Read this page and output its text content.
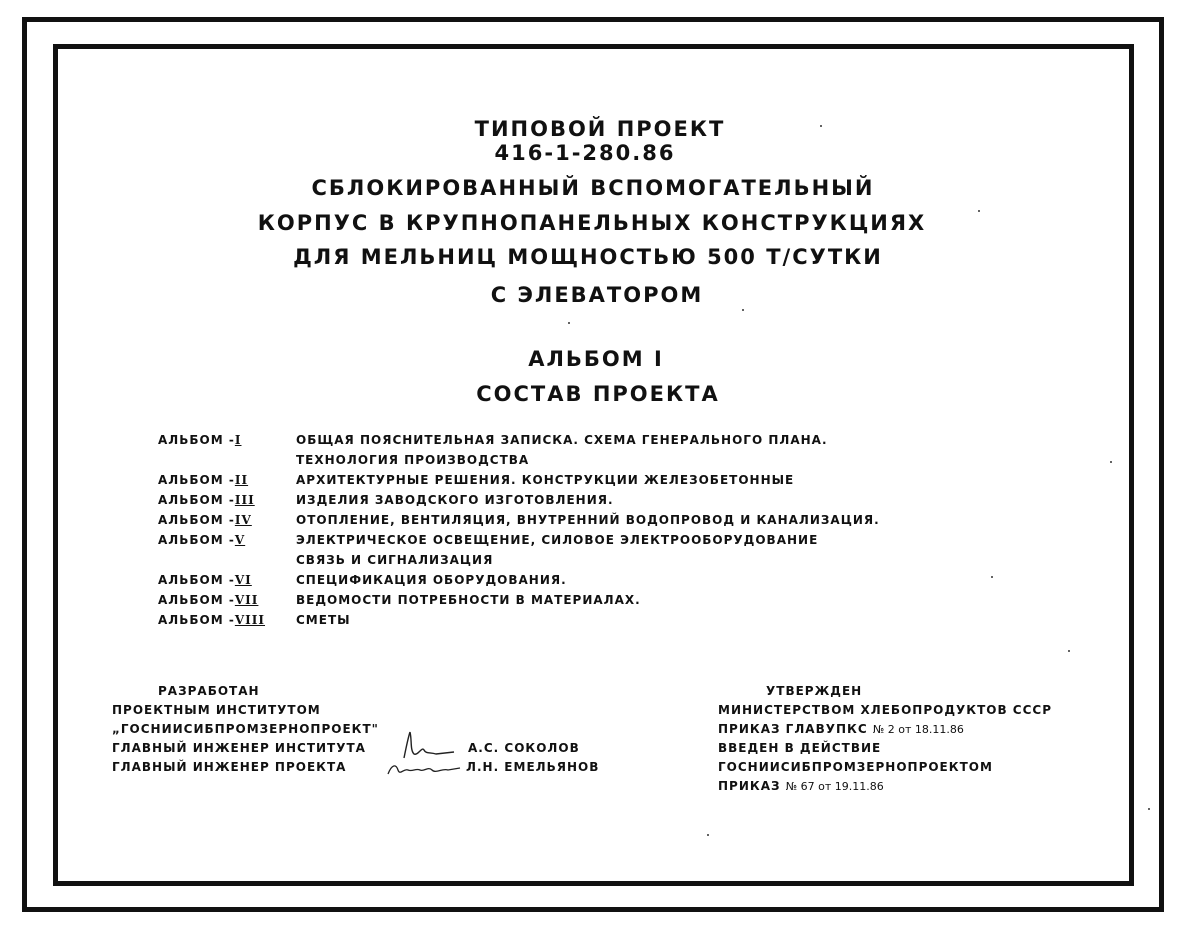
ТИПОВОЙ ПРОЕКТ
416-1-280.86
СБЛОКИРОВАННЫЙ ВСПОМОГАТЕЛЬНЫЙ
КОРПУС В КРУПНОПАНЕЛЬНЫХ КОНСТРУКЦИЯХ
ДЛЯ МЕЛЬНИЦ МОЩНОСТЬЮ 500 Т/СУТКИ
С ЭЛЕВАТОРОМ
АЛЬБОМ I
СОСТАВ ПРОЕКТА
АЛЬБОМ -I	ОБЩАЯ ПОЯСНИТЕЛЬНАЯ ЗАПИСКА. СХЕМА ГЕНЕРАЛЬНОГО ПЛАНА.
ТЕХНОЛОГИЯ ПРОИЗВОДСТВА
АЛЬБОМ -II	АРХИТЕКТУРНЫЕ РЕШЕНИЯ. КОНСТРУКЦИИ ЖЕЛЕЗОБЕТОННЫЕ
АЛЬБОМ -III	ИЗДЕЛИЯ ЗАВОДСКОГО ИЗГОТОВЛЕНИЯ.
АЛЬБОМ -IV	ОТОПЛЕНИЕ, ВЕНТИЛЯЦИЯ, ВНУТРЕННИЙ ВОДОПРОВОД И КАНАЛИЗАЦИЯ.
АЛЬБОМ -V	ЭЛЕКТРИЧЕСКОЕ ОСВЕЩЕНИЕ, СИЛОВОЕ ЭЛЕКТРООБОРУДОВАНИЕ
СВЯЗЬ И СИГНАЛИЗАЦИЯ
АЛЬБОМ -VI	СПЕЦИФИКАЦИЯ ОБОРУДОВАНИЯ.
АЛЬБОМ -VII	ВЕДОМОСТИ ПОТРЕБНОСТИ В МАТЕРИАЛАХ.
АЛЬБОМ -VIII	СМЕТЫ
РАЗРАБОТАН
ПРОЕКТНЫМ ИНСТИТУТОМ
„ГОСНИИСИБПРОМЗЕРНОПРОЕКТ"
ГЛАВНЫЙ ИНЖЕНЕР ИНСТИТУТА	А.С. СОКОЛОВ
ГЛАВНЫЙ ИНЖЕНЕР ПРОЕКТА	Л.Н. ЕМЕЛЬЯНОВ
УТВЕРЖДЕН
МИНИСТЕРСТВОМ ХЛЕБОПРОДУКТОВ СССР
ПРИКАЗ ГЛАВУПКС № 2 от 18.11.86
ВВЕДЕН В ДЕЙСТВИЕ
ГОСНИИСИБПРОМЗЕРНОПРОЕКТОМ
ПРИКАЗ № 67 от 19.11.86
